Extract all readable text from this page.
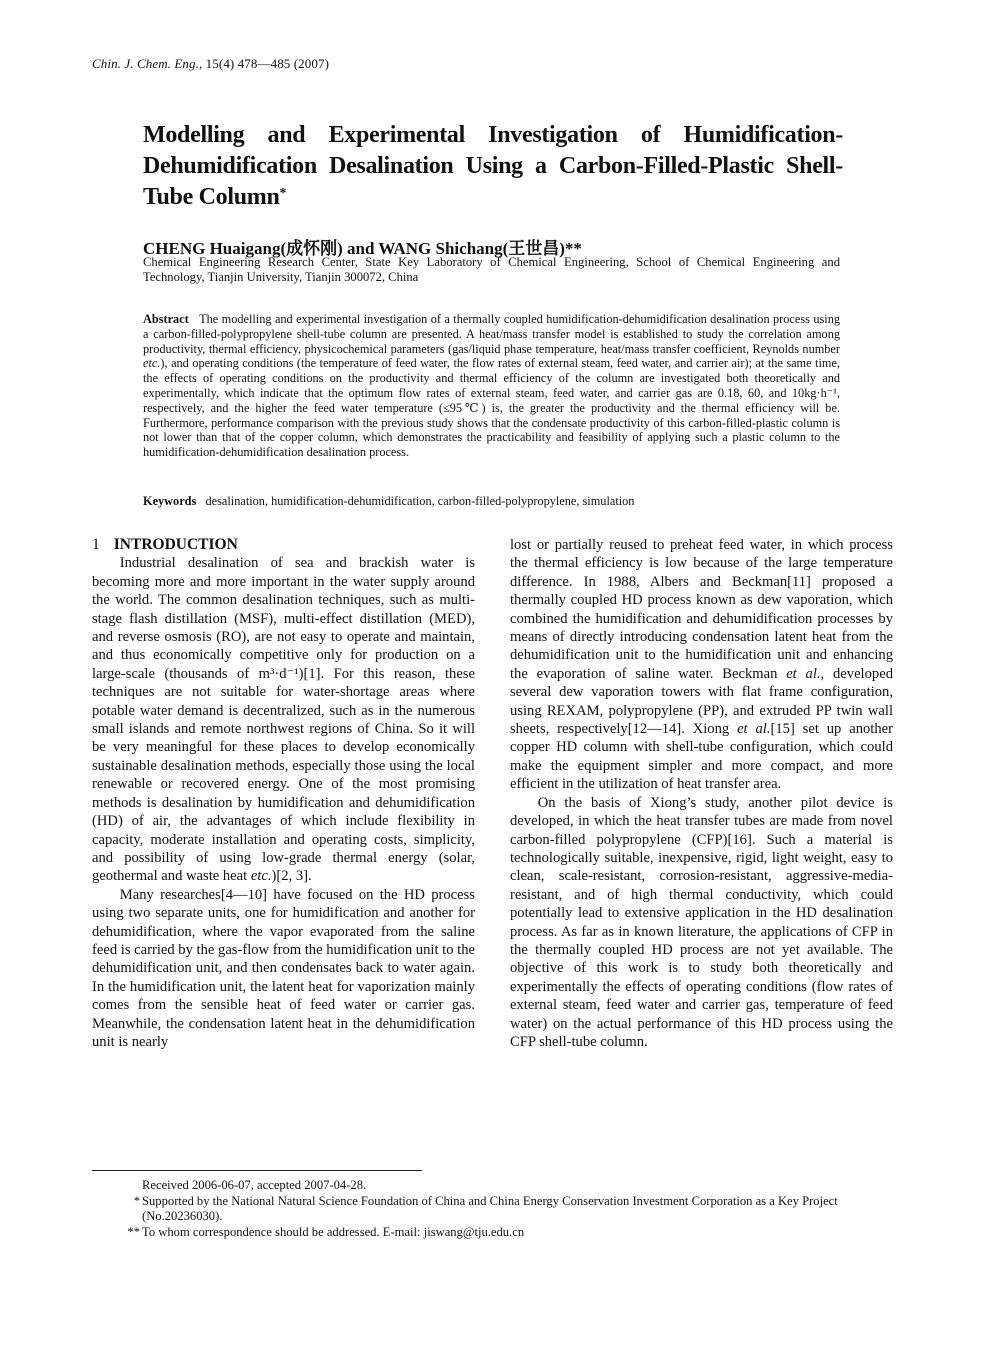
Chin. J. Chem. Eng., 15(4) 478—485 (2007)
Modelling and Experimental Investigation of Humidification-Dehumidification Desalination Using a Carbon-Filled-Plastic Shell-Tube Column*
CHENG Huaigang(成怀刚) and WANG Shichang(王世昌)**
Chemical Engineering Research Center, State Key Laboratory of Chemical Engineering, School of Chemical Engineering and Technology, Tianjin University, Tianjin 300072, China
Abstract The modelling and experimental investigation of a thermally coupled humidification-dehumidification desalination process using a carbon-filled-polypropylene shell-tube column are presented. A heat/mass transfer model is established to study the correlation among productivity, thermal efficiency, physicochemical parameters (gas/liquid phase temperature, heat/mass transfer coefficient, Reynolds number etc.), and operating conditions (the temperature of feed water, the flow rates of external steam, feed water, and carrier air); at the same time, the effects of operating conditions on the productivity and thermal efficiency of the column are investigated both theoretically and experimentally, which indicate that the optimum flow rates of external steam, feed water, and carrier gas are 0.18, 60, and 10kg·h⁻¹, respectively, and the higher the feed water temperature (≤95℃) is, the greater the productivity and the thermal efficiency will be. Furthermore, performance comparison with the previous study shows that the condensate productivity of this carbon-filled-plastic column is not lower than that of the copper column, which demonstrates the practicability and feasibility of applying such a plastic column to the humidification-dehumidification desalination process.
Keywords desalination, humidification-dehumidification, carbon-filled-polypropylene, simulation

1 INTRODUCTION

Industrial desalination of sea and brackish water is becoming more and more important in the water supply around the world. The common desalination techniques, such as multi-stage flash distillation (MSF), multi-effect distillation (MED), and reverse osmosis (RO), are not easy to operate and maintain, and thus economically competitive only for production on a large-scale (thousands of m³·d⁻¹)[1]. For this reason, these techniques are not suitable for water-shortage areas where potable water demand is decentralized, such as in the numerous small islands and remote northwest regions of China. So it will be very meaningful for these places to develop economically sustainable desalination methods, especially those using the local renewable or recovered energy. One of the most promising methods is desalination by humidification and dehumidification (HD) of air, the advantages of which include flexibility in capacity, moderate installation and operating costs, simplicity, and possibility of using low-grade thermal energy (solar, geothermal and waste heat etc.)[2, 3].

Many researches[4—10] have focused on the HD process using two separate units, one for humidification and another for dehumidification, where the vapor evaporated from the saline feed is carried by the gas-flow from the humidification unit to the dehumidification unit, and then condensates back to water again. In the humidification unit, the latent heat for vaporization mainly comes from the sensible heat of feed water or carrier gas. Meanwhile, the condensation latent heat in the dehumidification unit is nearly

lost or partially reused to preheat feed water, in which process the thermal efficiency is low because of the large temperature difference. In 1988, Albers and Beckman[11] proposed a thermally coupled HD process known as dew vaporation, which combined the humidification and dehumidification processes by means of directly introducing condensation latent heat from the dehumidification unit to the humidification unit and enhancing the evaporation of saline water. Beckman et al., developed several dew vaporation towers with flat frame configuration, using REXAM, polypropylene (PP), and extruded PP twin wall sheets, respectively[12—14]. Xiong et al.[15] set up another copper HD column with shell-tube configuration, which could make the equipment simpler and more compact, and more efficient in the utilization of heat transfer area.

On the basis of Xiong’s study, another pilot device is developed, in which the heat transfer tubes are made from novel carbon-filled polypropylene (CFP)[16]. Such a material is technologically suitable, inexpensive, rigid, light weight, easy to clean, scale-resistant, corrosion-resistant, aggressive-media-resistant, and of high thermal conductivity, which could potentially lead to extensive application in the HD desalination process. As far as in known literature, the applications of CFP in the thermally coupled HD process are not yet available. The objective of this work is to study both theoretically and experimentally the effects of operating conditions (flow rates of external steam, feed water and carrier gas, temperature of feed water) on the actual performance of this HD process using the CFP shell-tube column.

Received 2006-06-07, accepted 2007-04-28.
* Supported by the National Natural Science Foundation of China and China Energy Conservation Investment Corporation as a Key Project (No.20236030).
** To whom correspondence should be addressed. E-mail: jiswang@tju.edu.cn
